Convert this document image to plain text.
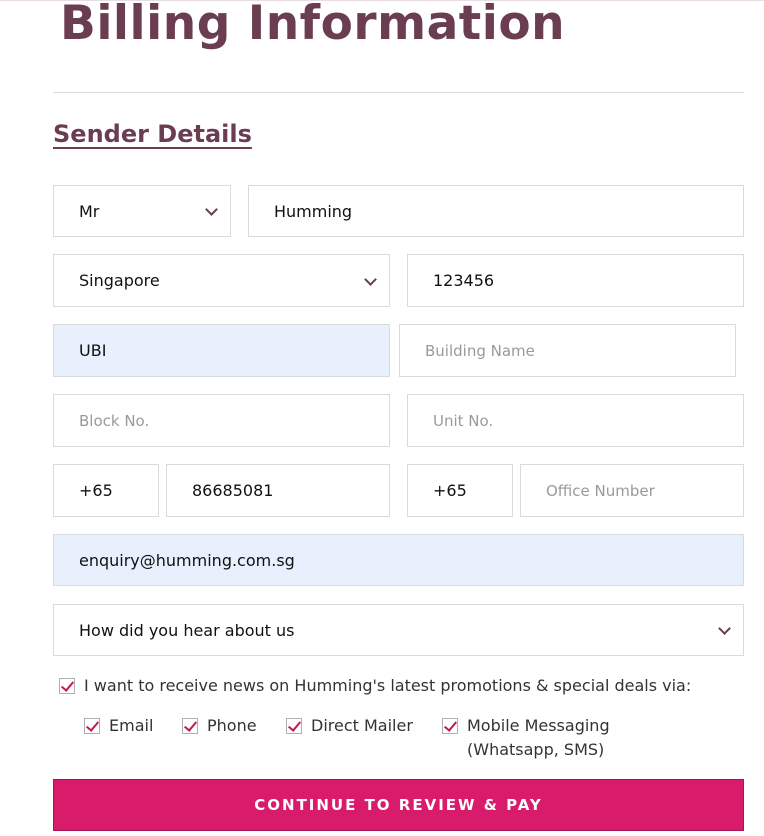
Billing Information
Sender Details
Mr	Humming
Singapore	123456
UBI	Building Name
Block No.	Unit No.
+65	86685081	+65	Office Number
enquiry@humming.com.sg
How did you hear about us
I want to receive news on Humming's latest promotions & special deals via:
Email	Phone	Direct Mailer	Mobile Messaging
(Whatsapp, SMS)
CONTINUE TO REVIEW & PAY
